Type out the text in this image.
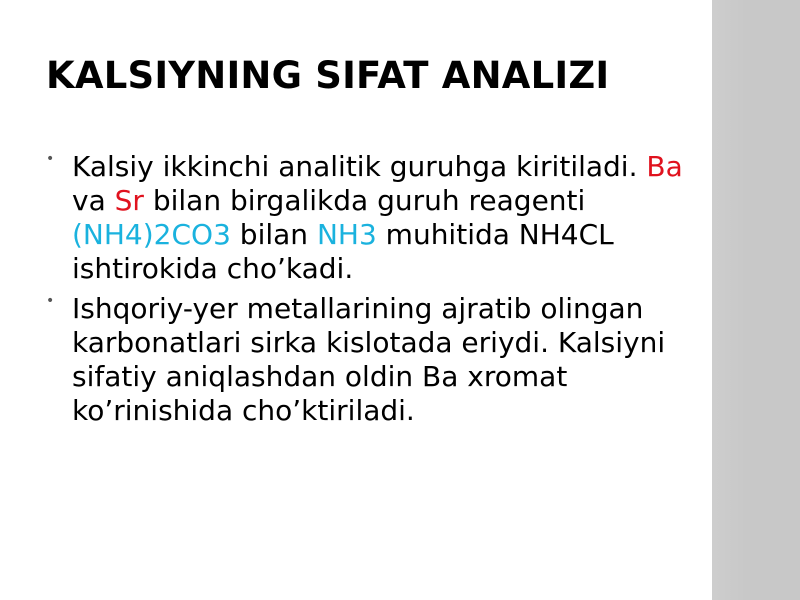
KALSIYNING SIFAT ANALIZI
• Kalsiy ikkinchi analitik guruhga kiritiladi. Ba va Sr bilan birgalikda guruh reagenti (NH4)2CO3 bilan NH3 muhitida NH4CL ishtirokida cho’kadi.
• Ishqoriy-yer metallarining ajratib olingan karbonatlari sirka kislotada eriydi. Kalsiyni sifatiy aniqlashdan oldin Ba xromat ko’rinishida cho’ktiriladi.
